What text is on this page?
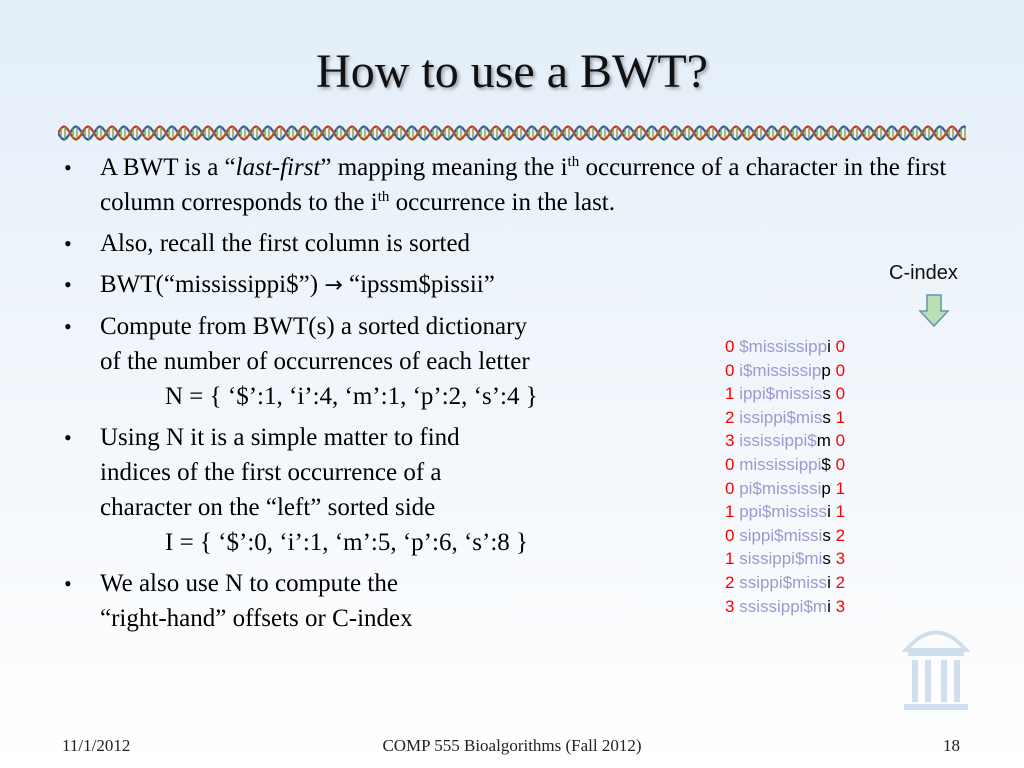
How to use a BWT?
• A BWT is a “last-first” mapping meaning the $i^{th}$ occurrence of a character in the first column corresponds to the $i^{th}$ occurrence in the last.
• Also, recall the first column is sorted
• BWT(“mississippi$”) → “ipssm$pissii”
• Compute from BWT(s) a sorted dictionary
of the number of occurrences of each letter
N = { ‘$’:1, ‘i’:4, ‘m’:1, ‘p’:2, ‘s’:4 }
• Using N it is a simple matter to find
indices of the first occurrence of a
character on the “left” sorted side
I = { ‘$’:0, ‘i’:1, ‘m’:5, ‘p’:6, ‘s’:8 }
• We also use N to compute the
“right-hand” offsets or C-index
C-index
0 $mississippi 0
0 i$mississipp 0
1 ippi$mississ 0
2 issippi$miss 1
3 ississippi$m 0
0 mississippi$ 0
0 pi$mississip 1
1 ppi$mississi 1
0 sippi$missis 2
1 sissippi$mis 3
2 ssippi$missi 2
3 ssissippi$mi 3
11/1/2012	COMP 555 Bioalgorithms (Fall 2012)	18
